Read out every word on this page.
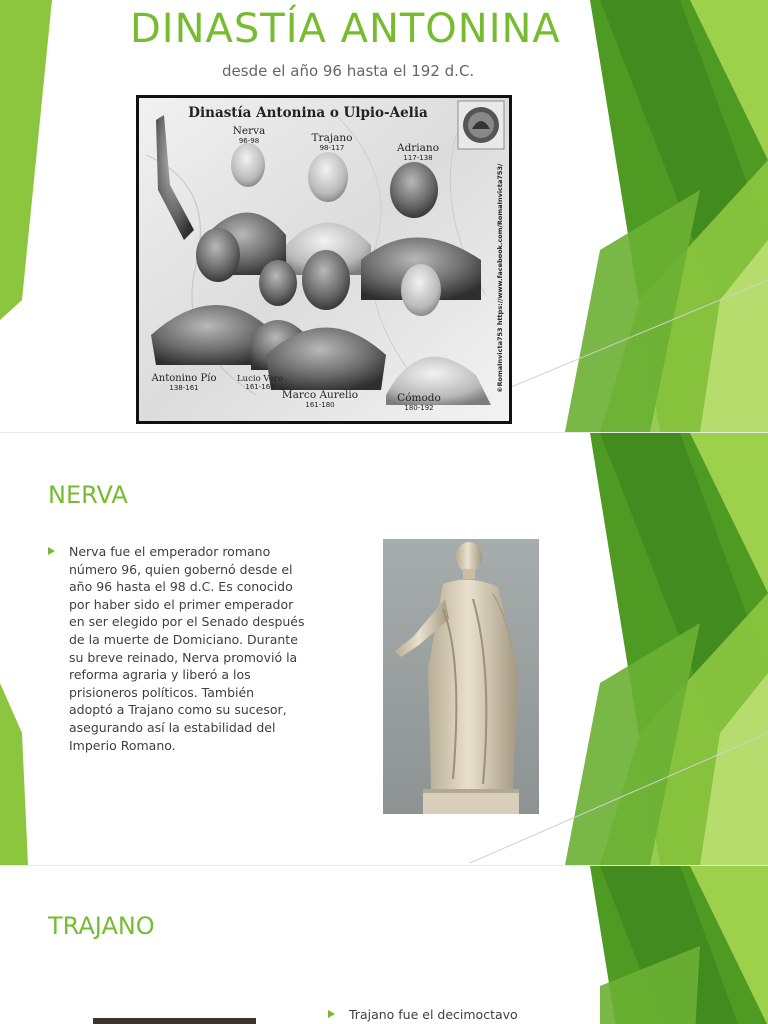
DINASTÍA ANTONINA
desde el año 96 hasta el 192 d.C.
Dinastía Antonina o Ulpio-Aelia
Nerva
96-98	Trajano
98-117	Adriano
117-138
Antonino Pío
138-161
Lucio Vero
161-169
Marco Aurelio
161-180
Cómodo
180-192
®RomaInvicta753 https://www.facebook.com/RomaInvicta753/
NERVA
Nerva fue el emperador romano
número 96, quien gobernó desde el
año 96 hasta el 98 d.C. Es conocido
por haber sido el primer emperador
en ser elegido por el Senado después
de la muerte de Domiciano. Durante
su breve reinado, Nerva promovió la
reforma agraria y liberó a los
prisioneros políticos. También
adoptó a Trajano como su sucesor,
asegurando así la estabilidad del
Imperio Romano.
TRAJANO
Trajano fue el decimoctavo
